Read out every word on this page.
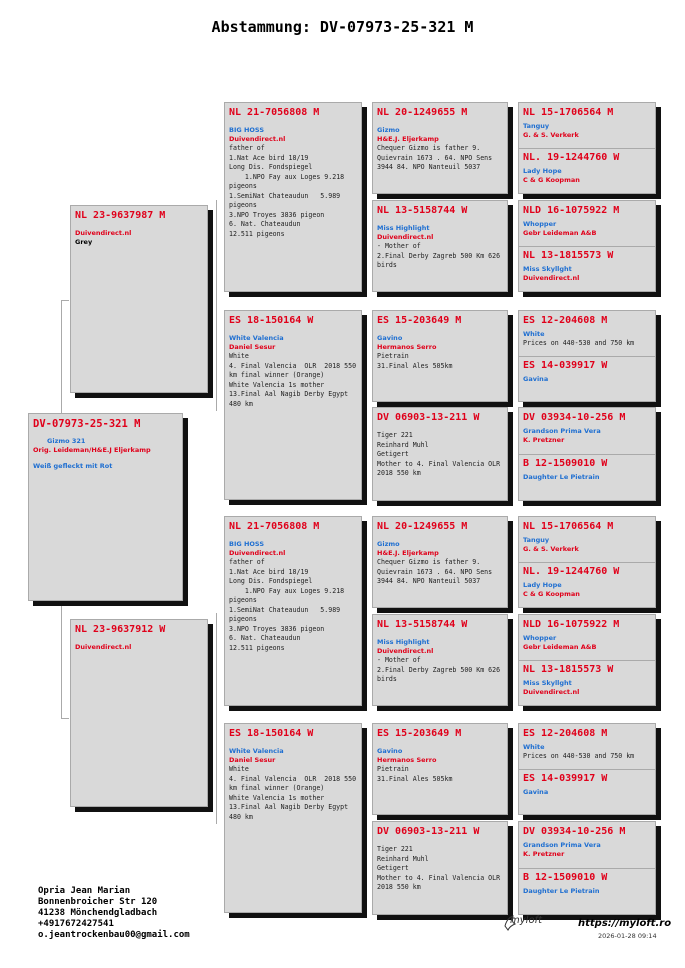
Abstammung: DV-07973-25-321 M
DV-07973-25-321 M
Gizmo 321
Orig. Leideman/H&E.J Eljerkamp
Weiß gefleckt mit Rot
NL 23-9637987 M
Duivendirect.nl
Grey
NL 23-9637912 W
Duivendirect.nl
NL 21-7056808 M
BIG HOSS
Duivendirect.nl
father of
1.Nat Ace bird 18/19
Long Dis. Fondspiegel
1.NPO Fay aux Loges 9.218 pigeons
1.SemiNat Chateaudun   5.989 pigeons
3.NPO Troyes 3836 pigeon
6. Nat. Chateaudun
12.511 pigeons
ES 18-150164 W
White Valencia
Daniel Sesur
White
4. Final Valencia  OLR  2018 550 km final winner (Orange)
White Valencia 1s mother 13.Final Aal Nagib Derby Egypt 480 km
NL 21-7056808 M
BIG HOSS
Duivendirect.nl
father of
1.Nat Ace bird 18/19
Long Dis. Fondspiegel
1.NPO Fay aux Loges 9.218 pigeons
1.SemiNat Chateaudun   5.989 pigeons
3.NPO Troyes 3836 pigeon
6. Nat. Chateaudun
12.511 pigeons
ES 18-150164 W
White Valencia
Daniel Sesur
White
4. Final Valencia  OLR  2018 550 km final winner (Orange)
White Valencia 1s mother 13.Final Aal Nagib Derby Egypt 480 km
NL 20-1249655 M
Gizmo
H&E.J. Eljerkamp
Chequer Gizmo is father 9. Quievrain 1673 . 64. NPO Sens 3944 84. NPO Nanteuil 5037
NL 13-5158744 W
Miss Highlight
Duivendirect.nl
- Mother of
2.Final Derby Zagreb 500 Km 626 birds
ES 15-203649 M
Gavino
Hermanos Serro
Pietrain
31.Final Ales 505km
DV 06903-13-211 W
Tiger 221
Reinhard Muhl
Getigert
Mother to 4. Final Valencia OLR 2018 550 km
NL 20-1249655 M
Gizmo
H&E.J. Eljerkamp
Chequer Gizmo is father 9. Quievrain 1673 . 64. NPO Sens 3944 84. NPO Nanteuil 5037
NL 13-5158744 W
Miss Highlight
Duivendirect.nl
- Mother of
2.Final Derby Zagreb 500 Km 626 birds
ES 15-203649 M
Gavino
Hermanos Serro
Pietrain
31.Final Ales 505km
DV 06903-13-211 W
Tiger 221
Reinhard Muhl
Getigert
Mother to 4. Final Valencia OLR 2018 550 km
NL 15-1706564 M
Tanguy
G. & S. Verkerk
NL. 19-1244760 W
Lady Hope
C & G Koopman
NLD 16-1075922 M
Whopper
Gebr Leideman A&B
NL 13-1815573 W
Miss Skyllght
Duivendirect.nl
ES 12-204608 M
White
Prices on 440-530 and 750 km
ES 14-039917 W
Gavina
DV 03934-10-256 M
Grandson Prima Vera
K. Pretzner
B 12-1509010 W
Daughter Le Pietrain
NL 15-1706564 M
Tanguy
G. & S. Verkerk
NL. 19-1244760 W
Lady Hope
C & G Koopman
NLD 16-1075922 M
Whopper
Gebr Leideman A&B
NL 13-1815573 W
Miss Skyllght
Duivendirect.nl
ES 12-204608 M
White
Prices on 440-530 and 750 km
ES 14-039917 W
Gavina
DV 03934-10-256 M
Grandson Prima Vera
K. Pretzner
B 12-1509010 W
Daughter Le Pietrain
Opria Jean Marian
Bonnenbroicher Str 120
41238 Mönchendgladbach
+4917672427541
o.jeantrockenbau00@gmail.com
myloft	https://myloft.ro
2026-01-28 09:14
